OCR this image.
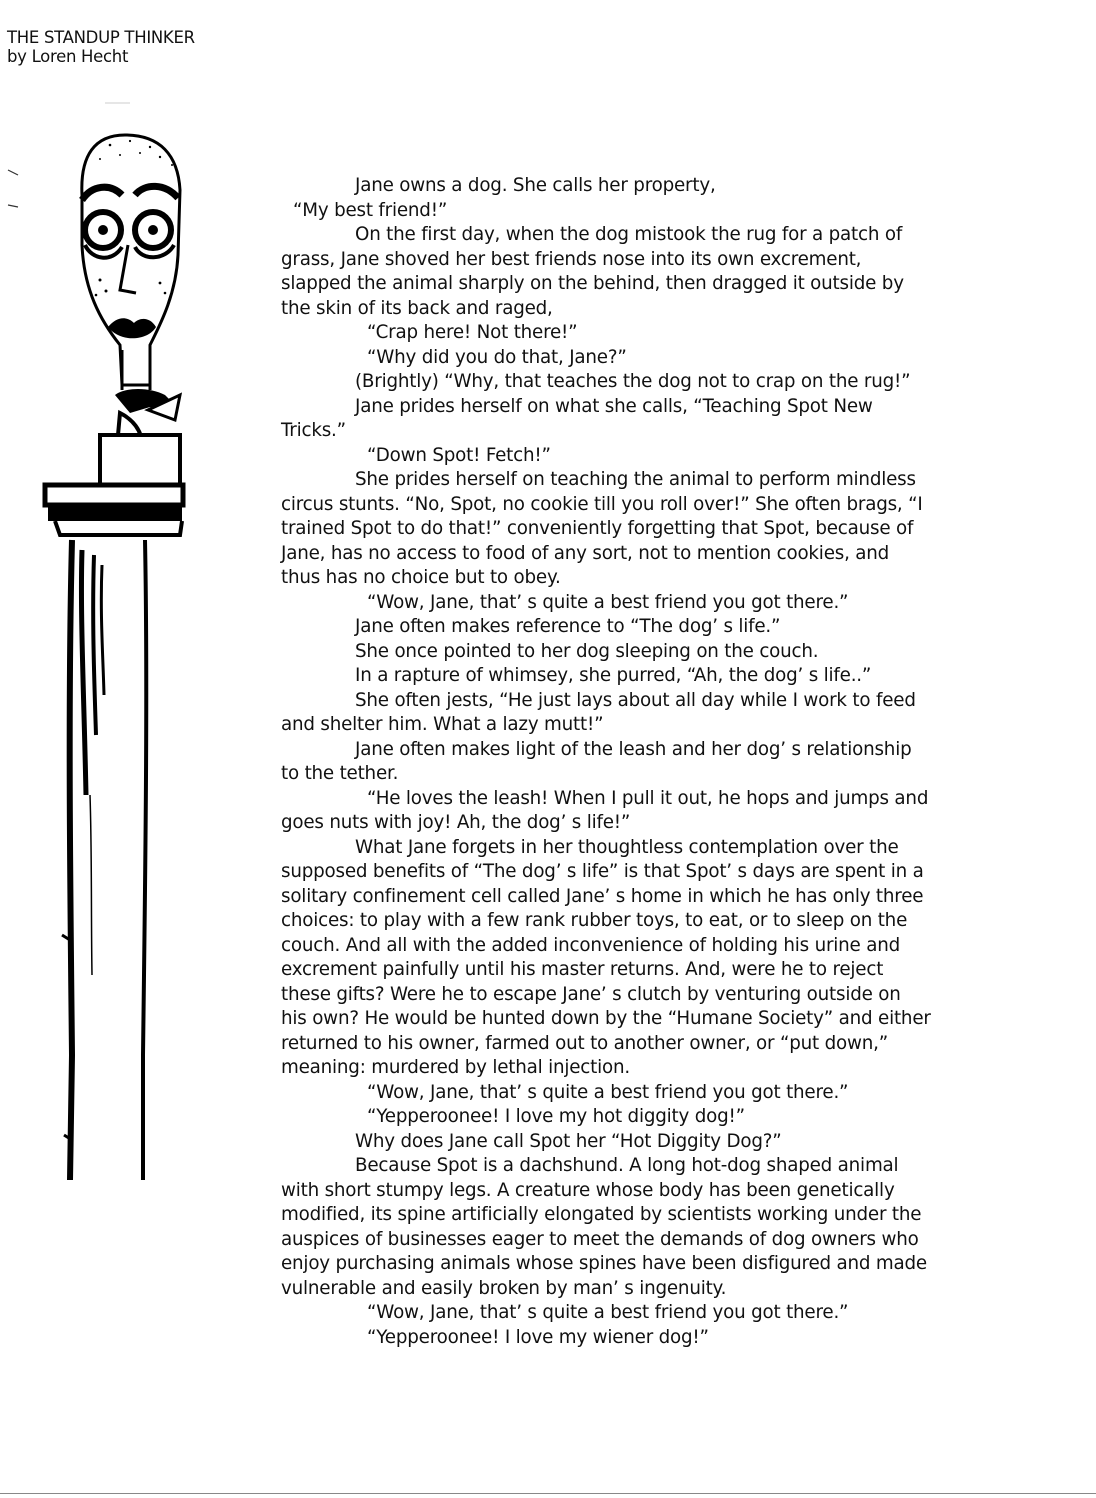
THE STANDUP THINKER
by Loren Hecht

Jane owns a dog. She calls her property,

“My best friend!”

On the first day, when the dog mistook the rug for a patch of grass, Jane shoved her best friends nose into its own excrement, slapped the animal sharply on the behind, then dragged it outside by the skin of its back and raged,

“Crap here! Not there!”

“Why did you do that, Jane?”

(Brightly) “Why, that teaches the dog not to crap on the rug!”

Jane prides herself on what she calls, “Teaching Spot New Tricks.”

“Down Spot! Fetch!”

She prides herself on teaching the animal to perform mindless circus stunts. “No, Spot, no cookie till you roll over!” She often brags, “I trained Spot to do that!” conveniently forgetting that Spot, because of Jane, has no access to food of any sort, not to mention cookies, and thus has no choice but to obey.

“Wow, Jane, that’ s quite a best friend you got there.”

Jane often makes reference to “The dog’ s life.”

She once pointed to her dog sleeping on the couch.

In a rapture of whimsey, she purred, “Ah, the dog’ s life..”

She often jests, “He just lays about all day while I work to feed and shelter him. What a lazy mutt!”

Jane often makes light of the leash and her dog’ s relationship to the tether.

“He loves the leash! When I pull it out, he hops and jumps and goes nuts with joy! Ah, the dog’ s life!”

What Jane forgets in her thoughtless contemplation over the supposed benefits of “The dog’ s life” is that Spot’ s days are spent in a solitary confinement cell called Jane’ s home in which he has only three choices: to play with a few rank rubber toys, to eat, or to sleep on the couch. And all with the added inconvenience of holding his urine and excrement painfully until his master returns. And, were he to reject these gifts? Were he to escape Jane’ s clutch by venturing outside on his own? He would be hunted down by the “Humane Society” and either returned to his owner, farmed out to another owner, or “put down,” meaning: murdered by lethal injection.

“Wow, Jane, that’ s quite a best friend you got there.”

“Yepperoonee! I love my hot diggity dog!”

Why does Jane call Spot her “Hot Diggity Dog?”

Because Spot is a dachshund. A long hot-dog shaped animal with short stumpy legs. A creature whose body has been genetically modified, its spine artificially elongated by scientists working under the auspices of businesses eager to meet the demands of dog owners who enjoy purchasing animals whose spines have been disfigured and made vulnerable and easily broken by man’ s ingenuity.

“Wow, Jane, that’ s quite a best friend you got there.”

“Yepperoonee! I love my wiener dog!”
